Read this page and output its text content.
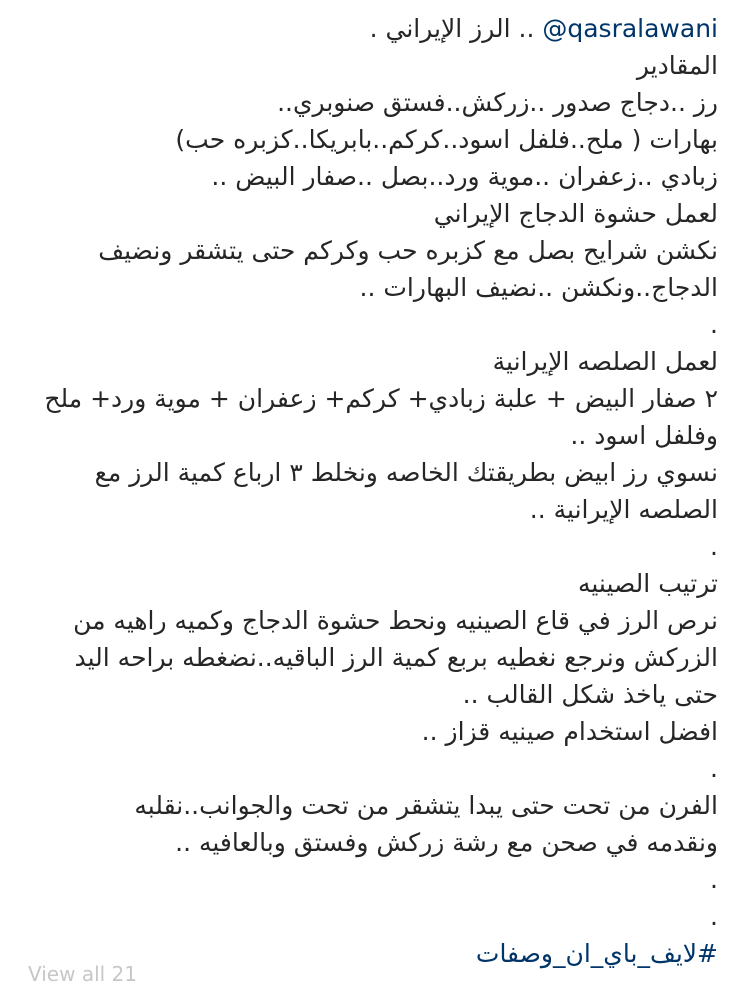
@qasralawani .. الرز الإيراني .
المقادير
رز ..دجاج صدور ..زركش..فستق صنوبري..
بهارات ( ملح..فلفل اسود..كركم..بابريكا..كزبره حب)
زبادي ..زعفران ..موية ورد..بصل ..صفار البيض ..
لعمل حشوة الدجاج الإيراني
نكشن شرايح بصل مع كزبره حب وكركم حتى يتشقر ونضيف
الدجاج..ونكشن ..نضيف البهارات ..
.
لعمل الصلصه الإيرانية
٢ صفار البيض + علبة زبادي+ كركم+ زعفران + موية ورد+ ملح
وفلفل اسود ..
نسوي رز ابيض بطريقتك الخاصه ونخلط ٣ ارباع كمية الرز مع
الصلصه الإيرانية ..
.
ترتيب الصينيه
نرص الرز في قاع الصينيه ونحط حشوة الدجاج وكميه راهيه من
الزركش ونرجع نغطيه بربع كمية الرز الباقيه..نضغطه براحه اليد
حتى ياخذ شكل القالب ..
افضل استخدام صينيه قزاز ..
.
الفرن من تحت حتى يبدا يتشقر من تحت والجوانب..نقلبه
ونقدمه في صحن مع رشة زركش وفستق وبالعافيه ..
.
.
#لايف_باي_ان_وصفات
View all 21
